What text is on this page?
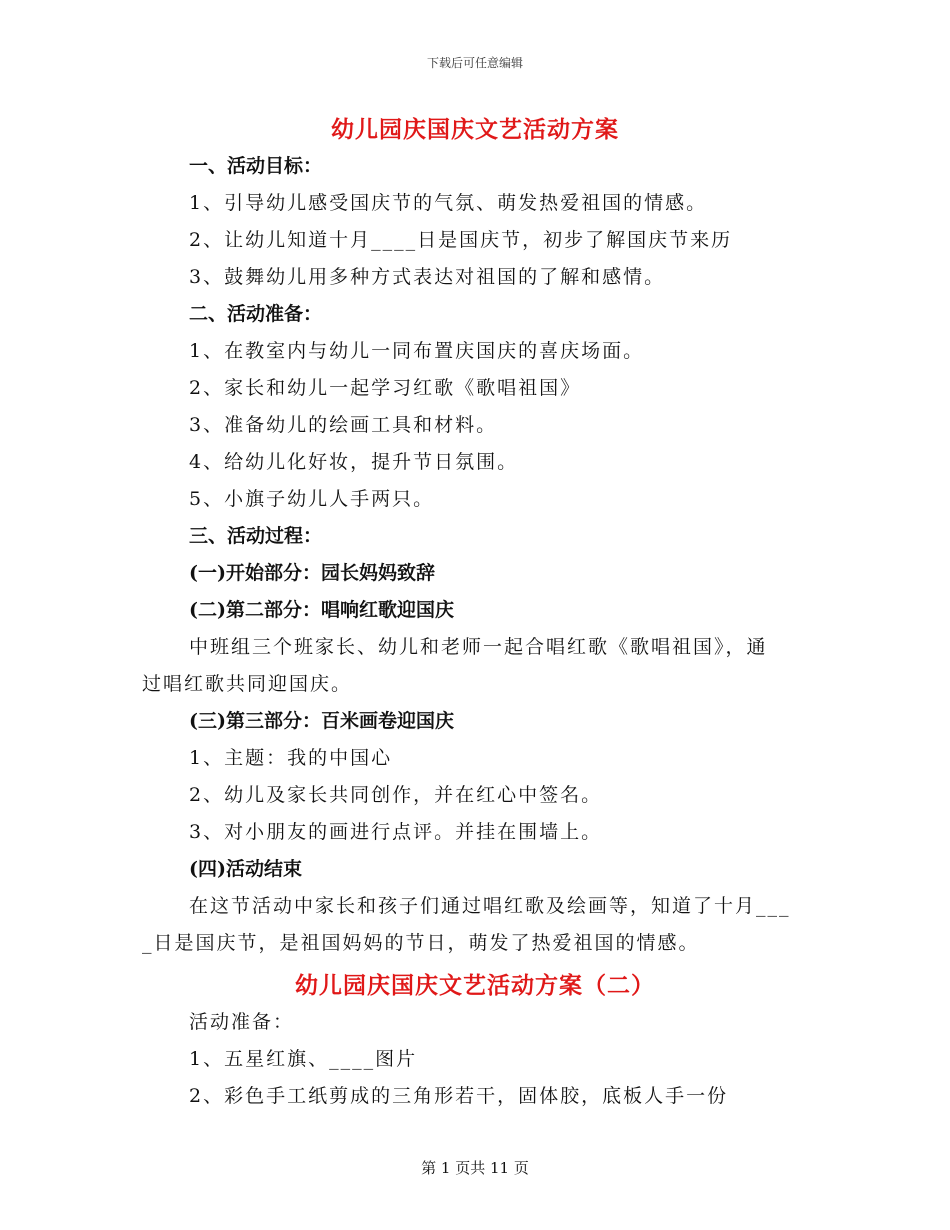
下载后可任意编辑
幼儿园庆国庆文艺活动方案
一、活动目标：
1、引导幼儿感受国庆节的气氛、萌发热爱祖国的情感。
2、让幼儿知道十月____日是国庆节，初步了解国庆节来历
3、鼓舞幼儿用多种方式表达对祖国的了解和感情。
二、活动准备：
1、在教室内与幼儿一同布置庆国庆的喜庆场面。
2、家长和幼儿一起学习红歌《歌唱祖国》
3、准备幼儿的绘画工具和材料。
4、给幼儿化好妆，提升节日氛围。
5、小旗子幼儿人手两只。
三、活动过程：
(一)开始部分：园长妈妈致辞
(二)第二部分：唱响红歌迎国庆
中班组三个班家长、幼儿和老师一起合唱红歌《歌唱祖国》，通
过唱红歌共同迎国庆。
(三)第三部分：百米画卷迎国庆
1、主题：我的中国心
2、幼儿及家长共同创作，并在红心中签名。
3、对小朋友的画进行点评。并挂在围墙上。
(四)活动结束
在这节活动中家长和孩子们通过唱红歌及绘画等，知道了十月___
_日是国庆节，是祖国妈妈的节日，萌发了热爱祖国的情感。
幼儿园庆国庆文艺活动方案（二）
活动准备：
1、五星红旗、____图片
2、彩色手工纸剪成的三角形若干，固体胶，底板人手一份
第 1 页共 11 页
